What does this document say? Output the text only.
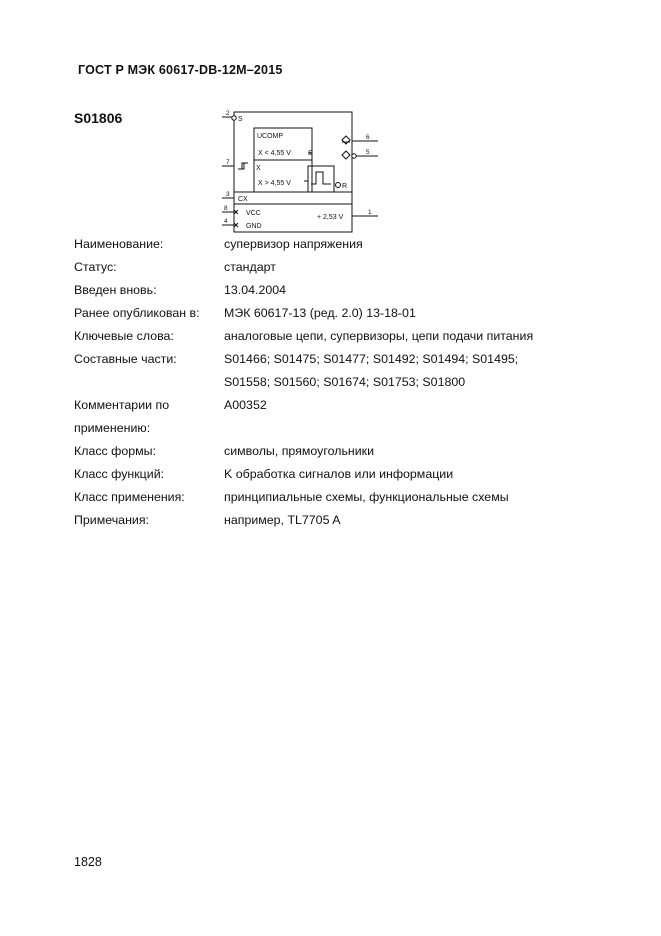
ГОСТ Р МЭК 60617-DB-12M–2015
S01806	2
7
3
8
4
6
5
1
S
UCOMP
X < 4,55 V S
X
X > 4,55 V	R
CX
VCC
GND
+ 2,53 V
Наименование:	супервизор напряжения
Статус:	стандарт
Введен вновь:	13.04.2004
Ранее опубликован в:	МЭК 60617-13 (ред. 2.0) 13-18-01
Ключевые слова:	аналоговые цепи, супервизоры, цепи подачи питания
Составные части:	S01466; S01475; S01477; S01492; S01494; S01495;
S01558; S01560; S01674; S01753; S01800
Комментарии по	A00352
применению:
Класс формы:	символы, прямоугольники
Класс функций:	K обработка сигналов или информации
Класс применения:	принципиальные схемы, функциональные схемы
Примечания:	например, TL7705 A
1828
